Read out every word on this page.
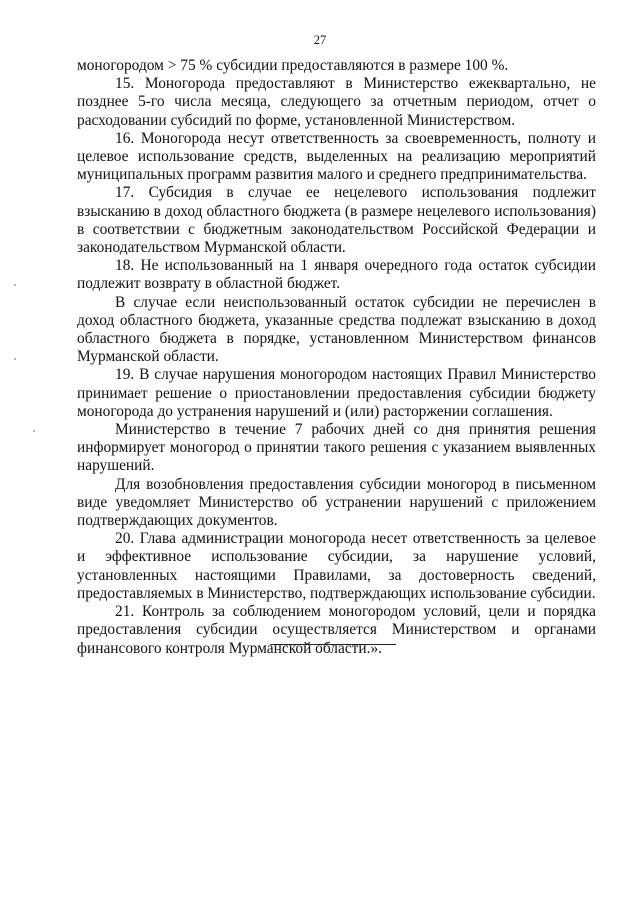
27

моногородом > 75 % субсидии предоставляются в размере 100 %.

15. Моногорода предоставляют в Министерство ежеквартально, не позднее 5-го числа месяца, следующего за отчетным периодом, отчет о расходовании субсидий по форме, установленной Министерством.

16. Моногорода несут ответственность за своевременность, полноту и целевое использование средств, выделенных на реализацию мероприятий муниципальных программ развития малого и среднего предпринимательства.

17. Субсидия в случае ее нецелевого использования подлежит взысканию в доход областного бюджета (в размере нецелевого использования) в соответствии с бюджетным законодательством Российской Федерации и законодательством Мурманской области.

18. Не использованный на 1 января очередного года остаток субсидии подлежит возврату в областной бюджет.

В случае если неиспользованный остаток субсидии не перечислен в доход областного бюджета, указанные средства подлежат взысканию в доход областного бюджета в порядке, установленном Министерством финансов Мурманской области.

19. В случае нарушения моногородом настоящих Правил Министерство принимает решение о приостановлении предоставления субсидии бюджету моногорода до устранения нарушений и (или) расторжении соглашения.

Министерство в течение 7 рабочих дней со дня принятия решения информирует моногород о принятии такого решения с указанием выявленных нарушений.

Для возобновления предоставления субсидии моногород в письменном виде уведомляет Министерство об устранении нарушений с приложением подтверждающих документов.

20. Глава администрации моногорода несет ответственность за целевое и эффективное использование субсидии, за нарушение условий, установленных настоящими Правилами, за достоверность сведений, предоставляемых в Министерство, подтверждающих использование субсидии.

21. Контроль за соблюдением моногородом условий, цели и порядка предоставления субсидии осуществляется Министерством и органами финансового контроля Мурманской области.».
